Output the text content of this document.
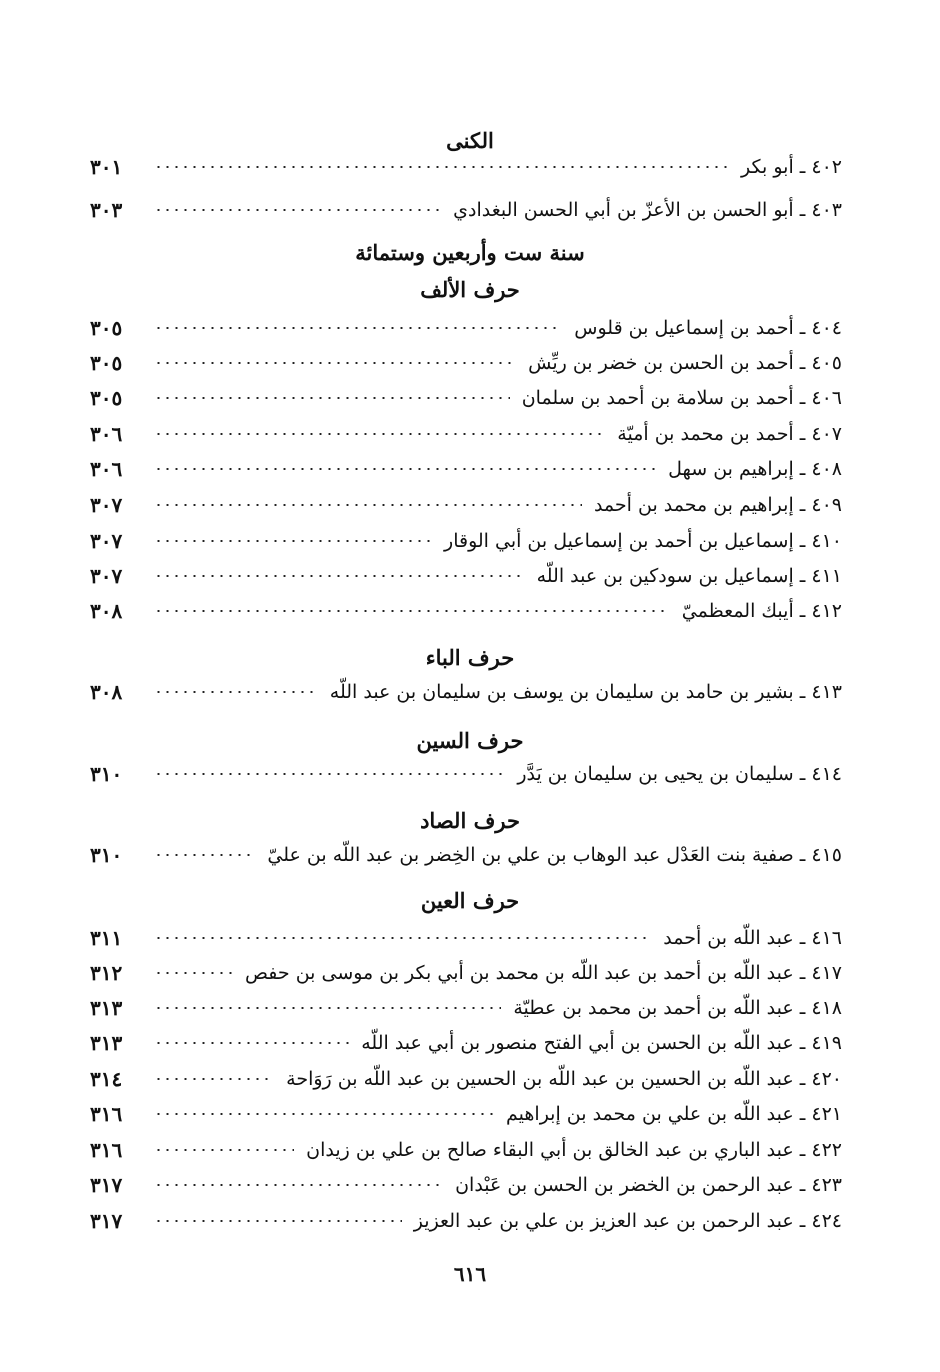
الكنى
٣٠١	٤٠٢ ـ أبو بكر
٣٠٣	٤٠٣ ـ أبو الحسن بن الأعزّ بن أبي الحسن البغدادي
سنة ست وأربعين وستمائة
حرف الألف
٣٠٥	٤٠٤ ـ أحمد بن إسماعيل بن قلوس
٣٠٥	٤٠٥ ـ أحمد بن الحسن بن خضر بن ريِّش
٣٠٥	٤٠٦ ـ أحمد بن سلامة بن أحمد بن سلمان
٣٠٦	٤٠٧ ـ أحمد بن محمد بن أميّة
٣٠٦	٤٠٨ ـ إبراهيم بن سهل
٣٠٧	٤٠٩ ـ إبراهيم بن محمد بن أحمد
٣٠٧	٤١٠ ـ إسماعيل بن أحمد بن إسماعيل بن أبي الوقار
٣٠٧	٤١١ ـ إسماعيل بن سودكين بن عبد اللّه
٣٠٨	٤١٢ ـ أيبك المعظميّ
حرف الباء
٣٠٨	٤١٣ ـ بشير بن حامد بن سليمان بن يوسف بن سليمان بن عبد اللّه
حرف السين
٣١٠	٤١٤ ـ سليمان بن يحيى بن سليمان بن يَدَّر
حرف الصاد
٣١٠	٤١٥ ـ صفية بنت العَدْل عبد الوهاب بن علي بن الخِضر بن عبد اللّه بن عليّ
حرف العين
٣١١	٤١٦ ـ عبد اللّه بن أحمد
٣١٢	٤١٧ ـ عبد اللّه بن أحمد بن عبد اللّه بن محمد بن أبي بكر بن موسى بن حفص
٣١٣	٤١٨ ـ عبد اللّه بن أحمد بن محمد بن عطيّة
٣١٣	٤١٩ ـ عبد اللّه بن الحسن بن أبي الفتح منصور بن أبي عبد اللّه
٣١٤	٤٢٠ ـ عبد اللّه بن الحسين بن عبد اللّه بن الحسين بن عبد اللّه بن رَوَاحة
٣١٦	٤٢١ ـ عبد اللّه بن علي بن محمد بن إبراهيم
٣١٦	٤٢٢ ـ عبد الباري بن عبد الخالق بن أبي البقاء صالح بن علي بن زيدان
٣١٧	٤٢٣ ـ عبد الرحمن بن الخضر بن الحسن بن عَبْدان
٣١٧	٤٢٤ ـ عبد الرحمن بن عبد العزيز بن علي بن عبد العزيز
٦١٦
